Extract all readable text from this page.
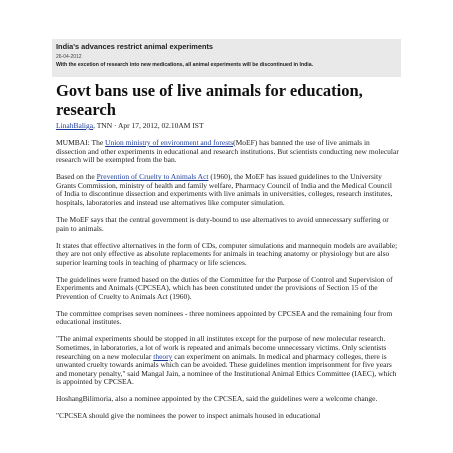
India's advances restrict animal experiments
26-04-2012
With the excetion of research into new medications, all animal experiments will be discontinued in India.
Govt bans use of live animals for education, research

LinahBaliga, TNN · Apr 17, 2012, 02.10AM IST

MUMBAI: The Union ministry of environment and forests(MoEF) has banned the use of live animals in dissection and other experiments in educational and research institutions. But scientists conducting new molecular research will be exempted from the ban.

Based on the Prevention of Cruelty to Animals Act (1960), the MoEF has issued guidelines to the University Grants Commission, ministry of health and family welfare, Pharmacy Council of India and the Medical Council of India to discontinue dissection and experiments with live animals in universities, colleges, research institutes, hospitals, laboratories and instead use alternatives like computer simulation.

The MoEF says that the central government is duty-bound to use alternatives to avoid unnecessary suffering or pain to animals.

It states that effective alternatives in the form of CDs, computer simulations and mannequin models are available; they are not only effective as absolute replacements for animals in teaching anatomy or physiology but are also superior learning tools in teaching of pharmacy or life sciences.

The guidelines were framed based on the duties of the Committee for the Purpose of Control and Supervision of Experiments and Animals (CPCSEA), which has been constituted under the provisions of Section 15 of the Prevention of Cruelty to Animals Act (1960).

The committee comprises seven nominees - three nominees appointed by CPCSEA and the remaining four from educational institutes.

"The animal experiments should be stopped in all institutes except for the purpose of new molecular research. Sometimes, in laboratories, a lot of work is repeated and animals become unnecessary victims. Only scientists researching on a new molecular theory can experiment on animals. In medical and pharmacy colleges, there is unwanted cruelty towards animals which can be avoided. These guidelines mention imprisonment for five years and monetary penalty," said Mangal Jain, a nominee of the Institutional Animal Ethics Committee (IAEC), which is appointed by CPCSEA.

HoshangBilimoria, also a nominee appointed by the CPCSEA, said the guidelines were a welcome change.

"CPCSEA should give the nominees the power to inspect animals housed in educational
